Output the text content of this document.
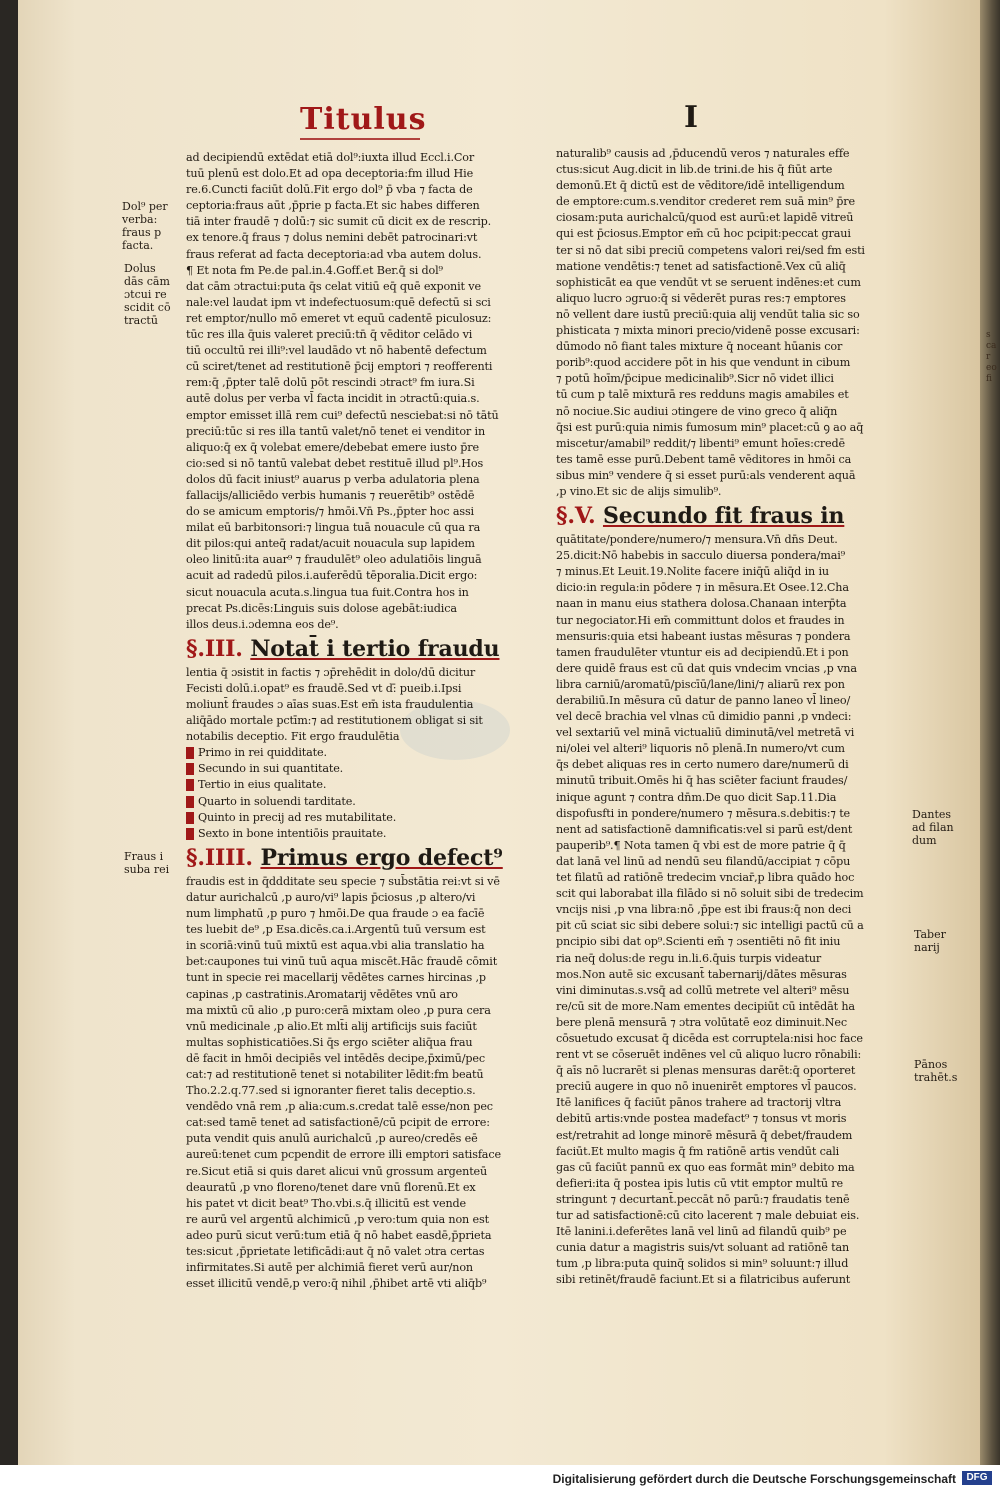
s
ca
r
eo
fi
Titulus	I

ad decipiendū extēdat etiā dol⁹:iuxta illud Eccl.i.Cor

tuū plenū est dolo.Et ad opa deceptoria:fm illud Hie

re.6.Cuncti faciūt dolū.Fit ergo dol⁹ p̄ vba ⁊ facta de

ceptoria:fraus aūt ,p̄prie p facta.Et sic habes differen

tiā inter fraudē ⁊ dolū:⁊ sic sumit cū dicit ex de rescrip.

ex tenore.q̄ fraus ⁊ dolus nemini debēt patrocinari:vt

fraus referat ad facta deceptoria:ad vba autem dolus.

¶ Et nota fm Pe.de pal.in.4.Goff.et Ber.q̄ si dol⁹

dat cām ɔtractui:puta q̄s celat vitiū eq̄ quē exponit ve

nale:vel laudat ipm vt indefectuosum:quē defectū si sci

ret emptor/nullo mō emeret vt equū cadentē piculosuz:

tūc res illa q̄uis valeret preciū:tn̄ q̄ vēditor celādo vi

tiū occultū rei illi⁹:vel laudādo vt nō habentē defectum

cū sciret/tenet ad restitutionē p̄cij emptori ⁊ reofferenti

rem:q̄ ,p̄pter talē dolū pōt rescindi ɔtract⁹ fm iura.Si

autē dolus per verba vl̄ facta incidit in ɔtractū:quia.s.

emptor emisset illā rem cui⁹ defectū nesciebat:si nō tātū

preciū:tūc si res illa tantū valet/nō tenet ei venditor in

aliquo:q̄ ex q̄ volebat emere/debebat emere iusto p̄re

cio:sed si nō tantū valebat debet restituē illud pl⁹.Hos

dolos dū facit iniust⁹ auarus p verba adulatoria plena

fallacijs/alliciēdo verbis humanis ⁊ reuerētib⁹ ostēdē

do se amicum emptoris/⁊ hmōi.Vn̄ Ps.,p̄pter hoc assi

milat eū barbitonsori:⁊ lingua tuā nouacule cū qua ra

dit pilos:qui anteq̄ radat/acuit nouacula sup lapidem

oleo linitū:ita auar⁹ ⁊ fraudulēt⁹ oleo adulatiōis linguā

acuit ad radedū pilos.i.auferēdū tēporalia.Dicit ergo:

sicut nouacula acuta.s.lingua tua fuit.Contra hos in

precat Ps.dicēs:Linguis suis dolose agebāt:iudica

illos deus.i.ɔdemna eos de⁹.

§.III. Notat̄ i tertio fraudu

lentia q̄ ɔsistit in factis ⁊ ɔp̄rehēdit in dolo/dū dicitur

Fecisti dolū.i.opat⁹ es fraudē.Sed vt d:̄ pueib.i.Ipsi

moliunt̄ fraudes ɔ aīas suas.Est em̄ ista fraudulentia

aliq̄ādo mortale pctīm:⁊ ad restitutionem obligat si sit

notabilis deceptio. Fit ergo fraudulētia

Primo in rei quidditate.

Secundo in sui quantitate.

Tertio in eius qualitate.

Quarto in soluendi tarditate.

Quinto in precij ad res mutabilitate.

Sexto in bone intentiōis prauitate.

§.IIII. Primus ergo defect⁹

fraudis est in q̄ddditate seu specie ⁊ sub̄stātia rei:vt si vē

datur aurichalcū ,p auro/vi⁹ lapis p̄ciosus ,p altero/vi

num limphatū ,p puro ⁊ hmōi.De qua fraude ɔ ea facīē

tes luebit de⁹ ,p Esa.dicēs.ca.i.Argentū tuū versum est

in scoriā:vinū tuū mixtū est aqua.vbi alia translatio ha

bet:caupones tui vinū tuū aqua miscēt.Hāc fraudē cōmit

tunt in specie rei macellarij vēdētes carnes hircinas ,p

capinas ,p castratinis.Aromatarij vēdētes vnū aro

ma mixtū cū alio ,p puro:cerā mixtam oleo ,p pura cera

vnū medicinale ,p alio.Et mlt̄i alij artificijs suis faciūt

multas sophisticatiōes.Si q̄s ergo sciēter aliq̄ua frau

dē facit in hmōi decipiēs vel intēdēs decipe,p̄ximū/pec

cat:⁊ ad restitutionē tenet si notabiliter lēdit:fm beatū

Tho.2.2.q.77.sed si ignoranter fieret talis deceptio.s.

vendēdo vnā rem ,p alia:cum.s.credat talē esse/non pec

cat:sed tamē tenet ad satisfactionē/cū pcipit de errore:

puta vendit quis anulū aurichalcū ,p aureo/credēs eē

aureū:tenet cum pcpendit de errore illi emptori satisface

re.Sicut etiā si quis daret alicui vnū grossum argenteū

deauratū ,p vno floreno/tenet dare vnū florenū.Et ex

his patet vt dicit beat⁹ Tho.vbi.s.q̄ illicitū est vende

re aurū vel argentū alchimicū ,p vero:tum quia non est

adeo purū sicut verū:tum etiā q̄ nō habet easdē,p̄prieta

tes:sicut ,p̄prietate letificādi:aut q̄ nō valet ɔtra certas

infirmitates.Si autē per alchimiā fieret verū aur/non

esset illicitū vendē,p vero:q̄ nihil ,p̄hibet artē vti aliq̄b⁹

naturalib⁹ causis ad ,p̄ducendū veros ⁊ naturales effe

ctus:sicut Aug.dicit in lib.de trini.de his q̄ fiūt arte

demonū.Et q̄ dictū est de vēditore/idē intelligendum

de emptore:cum.s.venditor crederet rem suā min⁹ p̄re

ciosam:puta aurichalcū/quod est aurū:et lapidē vitreū

qui est p̄ciosus.Emptor em̄ cū hoc pcipit:peccat graui

ter si nō dat sibi preciū competens valori rei/sed fm esti

matione vendētis:⁊ tenet ad satisfactionē.Vex cū aliq̄

sophisticāt ea que vendūt vt se seruent indēnes:et cum

aliquo lucro ɔgruo:q̄ si vēderēt puras res:⁊ emptores

nō vellent dare iustū preciū:quia alij vendūt talia sic so

phisticata ⁊ mixta minori precio/videnē posse excusari:

dūmodo nō fiant tales mixture q̄ noceant hūanis cor

porib⁹:quod accidere pōt in his que vendunt in cibum

⁊ potū hoīm/p̄cipue medicinalib⁹.Sicr nō videt illici

tū cum p talē mixturā res redduns magis amabiles et

nō nociue.Sic audiui ɔtingere de vino greco q̄ aliq̄n

q̄si est purū:quia nimis fumosum min⁹ placet:cū ꝯ ao aq̄

miscetur/amabil⁹ reddit/⁊ libenti⁹ emunt hoīes:credē

tes tamē esse purū.Debent tamē vēditores in hmōi ca

sibus min⁹ vendere q̄ si esset purū:als venderent aquā

,p vino.Et sic de alijs simulib⁹.

§.V. Secundo fit fraus in

quātitate/pondere/numero/⁊ mensura.Vn̄ dn̄s Deut.

25.dicit:Nō habebis in sacculo diuersa pondera/mai⁹

⁊ minus.Et Leuit.19.Nolite facere iniq̄ū aliq̄d in iu

dicio:in regula:in pōdere ⁊ in mēsura.Et Osee.12.Cha

naan in manu eius stathera dolosa.Chanaan interp̄ta

tur negociator.Hi em̄ committunt dolos et fraudes in

mensuris:quia etsi habeant iustas mēsuras ⁊ pondera

tamen fraudulēter vtuntur eis ad decipiendū.Et i pon

dere quidē fraus est cū dat quis vndecim vncias ,p vna

libra carniū/aromatū/piscīū/lane/lini/⁊ aliarū rex pon

derabiliū.In mēsura cū datur de panno laneo vl̄ lineo/

vel decē brachia vel vlnas cū dimidio panni ,p vndeci:

vel sextariū vel minā victualiū diminutā/vel metretā vi

ni/olei vel alteri⁹ liquoris nō plenā.In numero/vt cum

q̄s debet aliquas res in certo numero dare/numerū di

minutū tribuit.Omēs hi q̄ has sciēter faciunt fraudes/

inique agunt ⁊ contra dn̄m.De quo dicit Sap.11.Dia

dispofusfti in pondere/numero ⁊ mēsura.s.debitis:⁊ te

nent ad satisfactionē damnificatis:vel si parū est/dent

pauperib⁹.¶ Nota tamen q̄ vbi est de more patrie q̄ q̄

dat lanā vel linū ad nendū seu filandū/accipiat ⁊ cōpu

tet filatū ad ratiōnē tredecim vnciar̄,p libra quādo hoc

scit qui laborabat illa filādo si nō soluit sibi de tredecim

vncijs nisi ,p vna libra:nō ,p̄pe est ibi fraus:q̄ non deci

pit cū sciat sic sibi debere solui:⁊ sic intelligi pactū cū a

pncipio sibi dat op⁹.Scienti em̄ ⁊ ɔsentiēti nō fit iniu

ria neq̄ dolus:de regu in.li.6.q̄uis turpis videatur

mos.Non autē sic excusant̄ tabernarij/dātes mēsuras

vini diminutas.s.vsq̄ ad collū metrete vel alteri⁹ mēsu

re/cū sit de more.Nam ementes decipiūt cū intēdāt ha

bere plenā mensurā ⁊ ɔtra volūtatē eoz diminuit.Nec

cōsuetudo excusat q̄ dicēda est corruptela:nisi hoc face

rent vt se cōseruēt indēnes vel cū aliquo lucro rōnabili:

q̄ aīs nō lucrarēt si plenas mensuras darēt:q̄ oporteret

preciū augere in quo nō inuenirēt emptores vl̄ paucos.

Itē lanifices q̄ faciūt pānos trahere ad tractorij vltra

debitū artis:vnde postea madefact⁹ ⁊ tonsus vt moris

est/retrahit ad longe minorē mēsurā q̄ debet/fraudem

faciūt.Et multo magis q̄ fm ratiōnē artis vendūt cali

gas cū faciūt pannū ex quo eas formāt min⁹ debito ma

defieri:ita q̄ postea ipis lutis cū vtit emptor multū re

stringunt ⁊ decurtant̄.peccāt nō parū:⁊ fraudatis tenē

tur ad satisfactionē:cū cito lacerent ⁊ male debuiat eis.

Itē lanini.i.deferētes lanā vel linū ad filandū quib⁹ pe

cunia datur a magistris suis/vt soluant ad ratiōnē tan

tum ,p libra:puta quinq̄ solidos si min⁹ soluunt:⁊ illud

sibi retinēt/fraudē faciunt.Et si a filatricibus auferunt

Dol⁹ per
verba:
fraus p
facta.
Dolus
dās cām
ɔtcui re
scidit cō
tractū
Fraus i
suba rei
Dantes
ad filan
dum
Taber
narij
Pānos
trahēt.s
Digitalisierung gefördert durch die Deutsche Forschungsgemeinschaft	DFG
